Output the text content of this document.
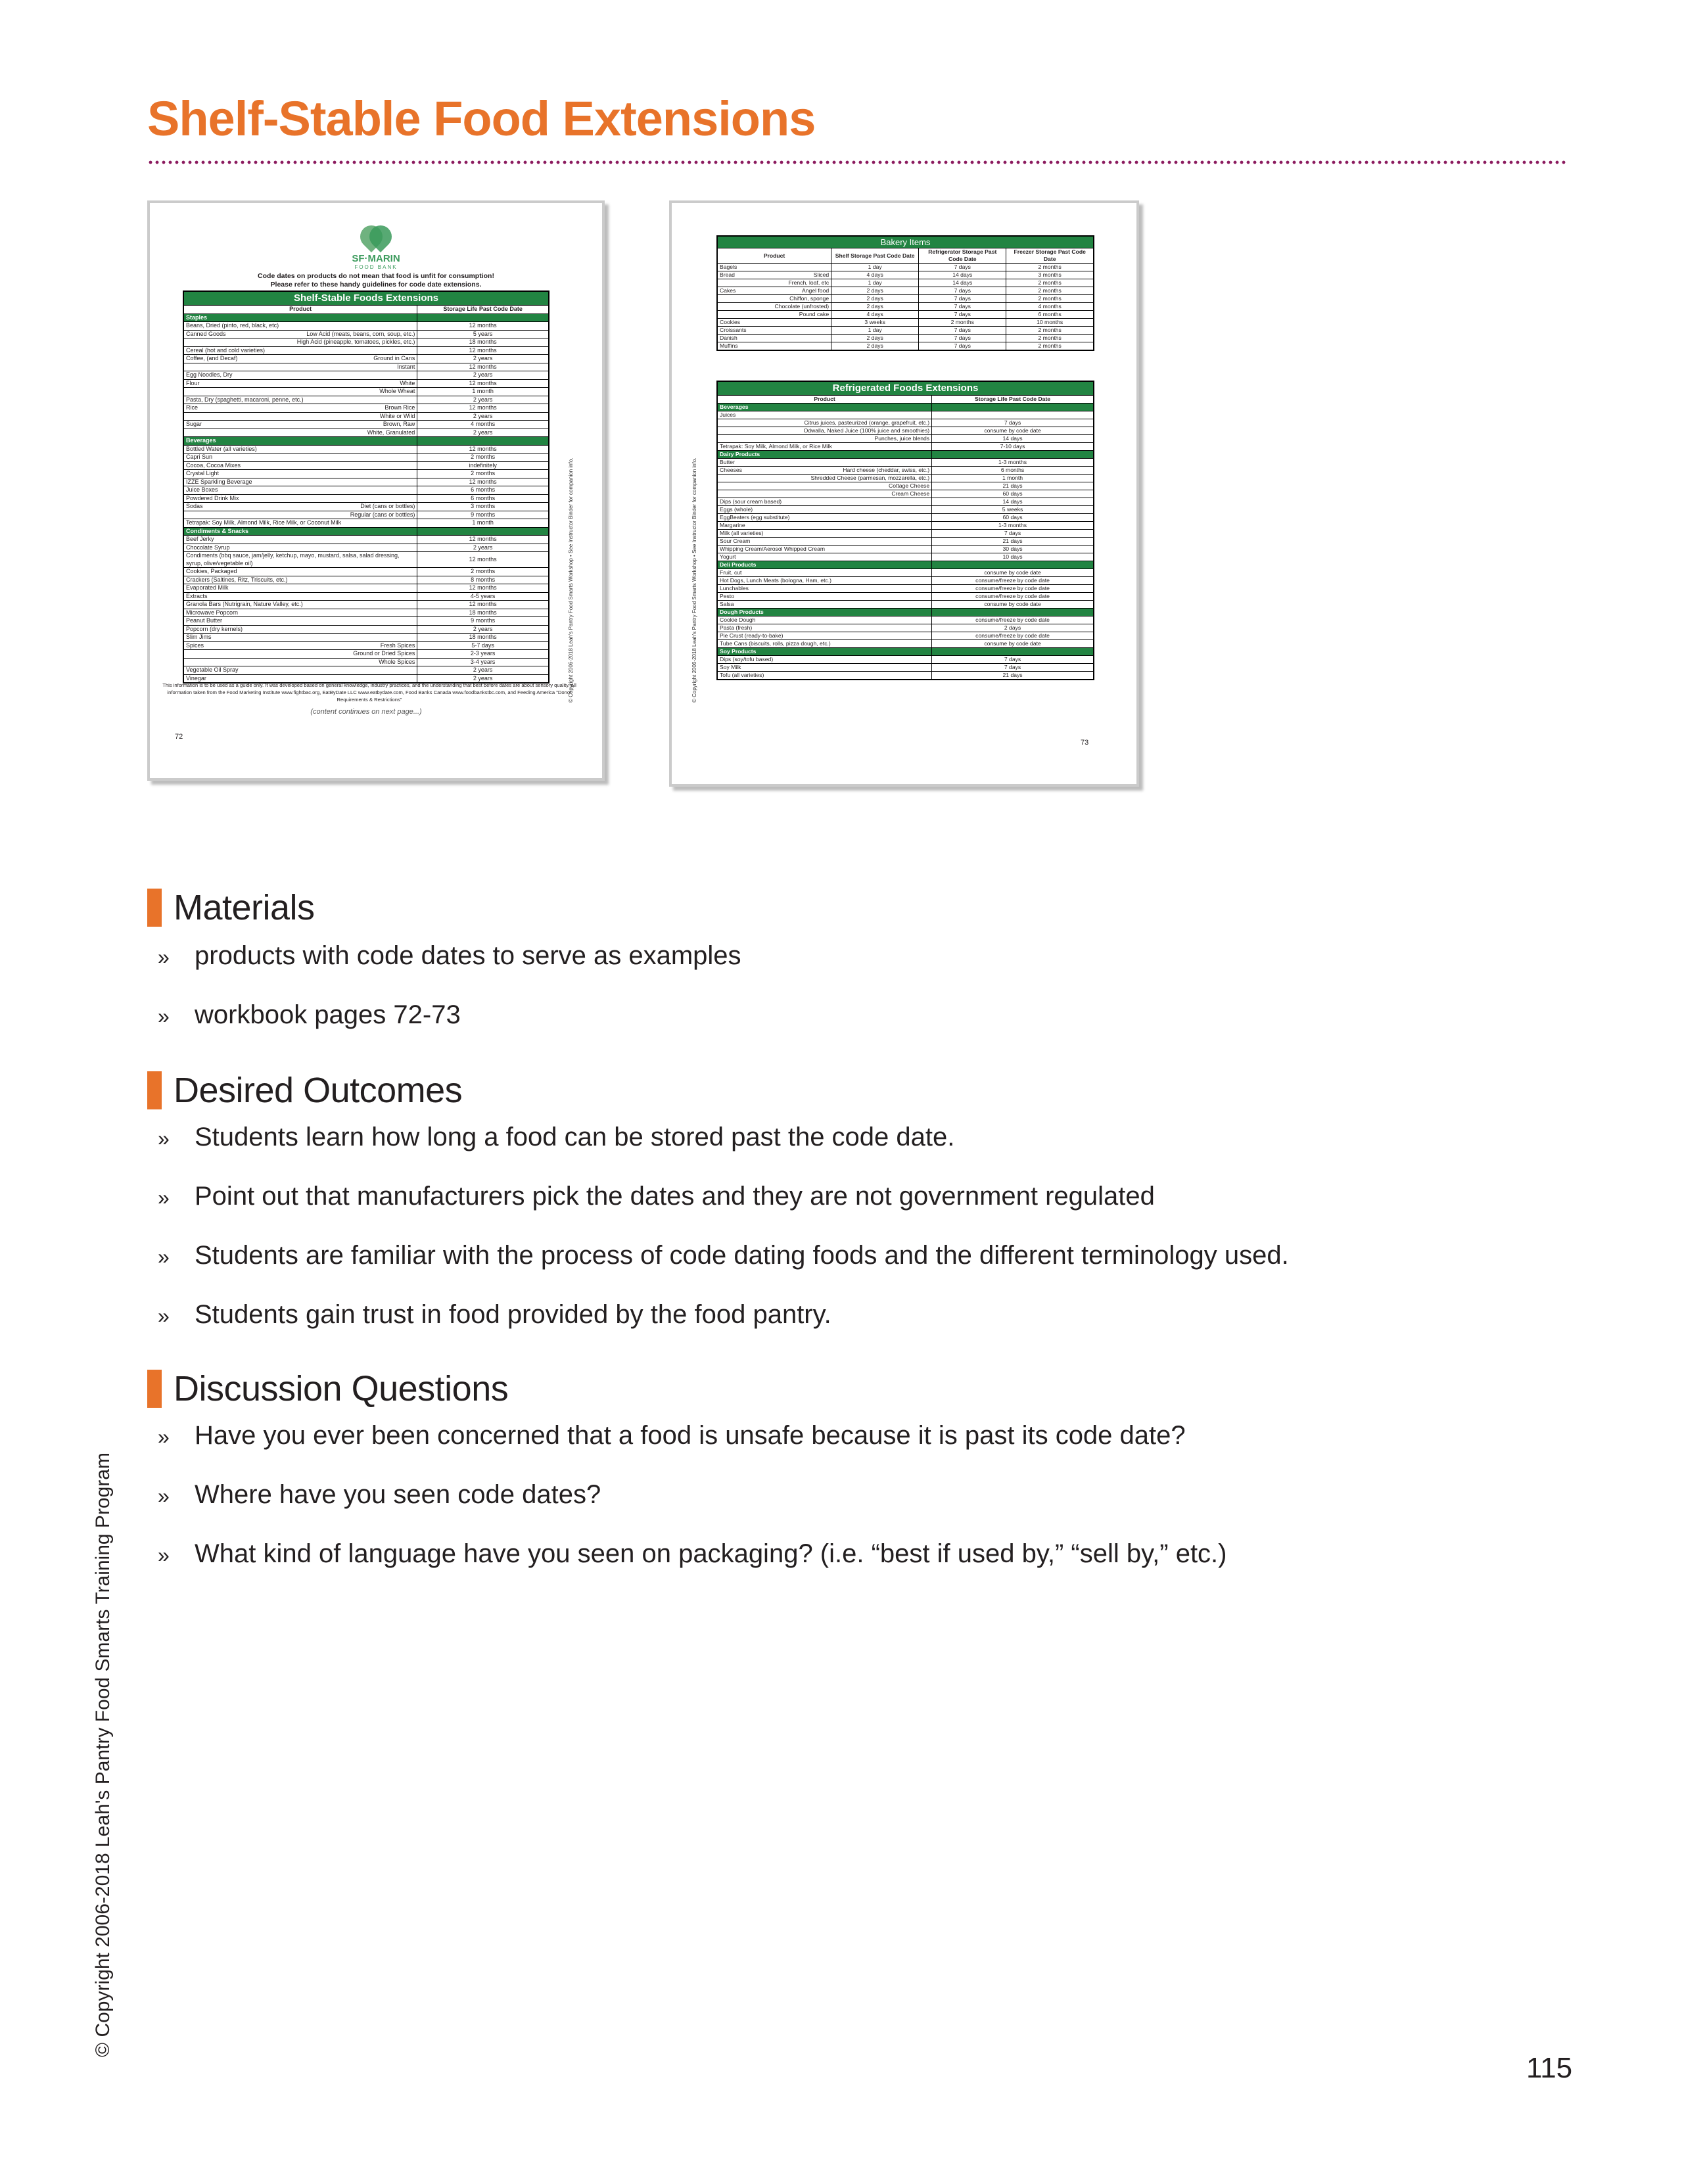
Shelf-Stable Food Extensions
SF·MARIN
FOOD BANK
Code dates on products do not mean that food is unfit for consumption!
Please refer to these handy guidelines for code date extensions.
Shelf-Stable Foods Extensions	
Product	Storage Life Past Code Date
Staples	
Beans, Dried (pinto, red, black, etc)	12 months

Canned Goods Low Acid (meats, beans, corn, soup, etc.)	5 years

High Acid (pineapple, tomatoes, pickles, etc.)	18 months
Cereal (hot and cold varieties)	12 months

Coffee, (and Decaf) Ground in Cans	2 years

Instant	12 months
Egg Noodles, Dry	2 years

Flour White	12 months

Whole Wheat	1 month
Pasta, Dry (spaghetti, macaroni, penne, etc.)	2 years

Rice Brown Rice	12 months

White or Wild	2 years

Sugar Brown, Raw	4 months

White, Granulated	2 years
Beverages	
Bottled Water (all varieties)	12 months
Capri Sun	2 months
Cocoa, Cocoa Mixes	indefinitely
Crystal Light	2 months
IZZE Sparkling Beverage	12 months
Juice Boxes	6 months
Powdered Drink Mix	6 months

Sodas Diet (cans or bottles)	3 months

Regular (cans or bottles)	9 months
Tetrapak: Soy Milk, Almond Milk, Rice Milk, or Coconut Milk	1 month
Condiments & Snacks	
Beef Jerky	12 months
Chocolate Syrup	2 years
Condiments (bbq sauce, jam/jelly, ketchup, mayo, mustard, salsa, salad dressing, syrup, olive/vegetable oil)	12 months
Cookies, Packaged	2 months
Crackers (Saltines, Ritz, Triscuits, etc.)	8 months
Evaporated Milk	12 months
Extracts	4-5 years
Granola Bars (Nutrigrain, Nature Valley, etc.)	12 months
Microwave Popcorn	18 months
Peanut Butter	9 months
Popcorn (dry kernels)	2 years
Slim Jims	18 months

Spices Fresh Spices	5-7 days

Ground or Dried Spices	2-3 years

Whole Spices	3-4 years
Vegetable Oil Spray	2 years
Vinegar	2 years
This information is to be used as a guide only. It was developed based on general knowledge, industry practices, and the understanding that best before dates are about sensory quality. All information taken from the Food Marketing Institute www.fightbac.org, EatByDate LLC www.eatbydate.com, Food Banks Canada www.foodbankstbc.com, and Feeding America "Donor Requirements & Restrictions"
(content continues on next page...)
72
© Copyright 2006-2018 Leah's Pantry Food Smarts Workshop • See Instructor Binder for companion info.
Bakery Items			
Product	Shelf Storage Past Code Date	Refrigerator Storage Past Code Date	Freezer Storage Past Code Date

Bagels	1 day	7 days	2 months

Bread Sliced	4 days	14 days	3 months

French, loaf, etc	1 day	14 days	2 months

Cakes Angel food	2 days	7 days	2 months

Chiffon, sponge	2 days	7 days	2 months

Chocolate (unfrosted)	2 days	7 days	4 months

Pound cake	4 days	7 days	6 months

Cookies	3 weeks	2 months	10 months

Croissants	1 day	7 days	2 months

Danish	2 days	7 days	2 months

Muffins	2 days	7 days	2 months
Refrigerated Foods Extensions	
Product	Storage Life Past Code Date
Beverages	
Juices	

Citrus juices, pasteurized (orange, grapefruit, etc.)	7 days

Odwalla, Naked Juice (100% juice and smoothies)	consume by code date

Punches, juice blends	14 days
Tetrapak: Soy Milk, Almond Milk, or Rice Milk	7-10 days
Dairy Products	
Butter	1-3 months

Cheeses Hard cheese (cheddar, swiss, etc.)	6 months

Shredded Cheese (parmesan, mozzarella, etc.)	1 month

Cottage Cheese	21 days

Cream Cheese	60 days
Dips (sour cream based)	14 days
Eggs (whole)	5 weeks
EggBeaters (egg substitute)	60 days
Margarine	1-3 months
Milk (all varieties)	7 days
Sour Cream	21 days
Whipping Cream/Aerosol Whipped Cream	30 days
Yogurt	10 days
Deli Products	
Fruit, cut	consume by code date
Hot Dogs, Lunch Meats (bologna, Ham, etc.)	consume/freeze by code date
Lunchables	consume/freeze by code date
Pesto	consume/freeze by code date
Salsa	consume by code date
Dough Products	
Cookie Dough	consume/freeze by code date
Pasta (fresh)	2 days
Pie Crust (ready-to-bake)	consume/freeze by code date
Tube Cans (biscuits, rolls, pizza dough, etc.)	consume by code date
Soy Products	
Dips (soy/tofu based)	7 days
Soy Milk	7 days
Tofu (all varieties)	21 days
73
© Copyright 2006-2018 Leah's Pantry Food Smarts Workshop • See Instructor Binder for companion info.
Materials
» products with code dates to serve as examples
» workbook pages 72-73
Desired Outcomes
» Students learn how long a food can be stored past the code date.
» Point out that manufacturers pick the dates and they are not government regulated
» Students are familiar with the process of code dating foods and the different terminology used.
» Students gain trust in food provided by the food pantry.
Discussion Questions
» Have you ever been concerned that a food is unsafe because it is past its code date?
» Where have you seen code dates?
» What kind of language have you seen on packaging? (i.e. “best if used by,” “sell by,” etc.)
© Copyright 2006-2018 Leah's Pantry Food Smarts Training Program
115
